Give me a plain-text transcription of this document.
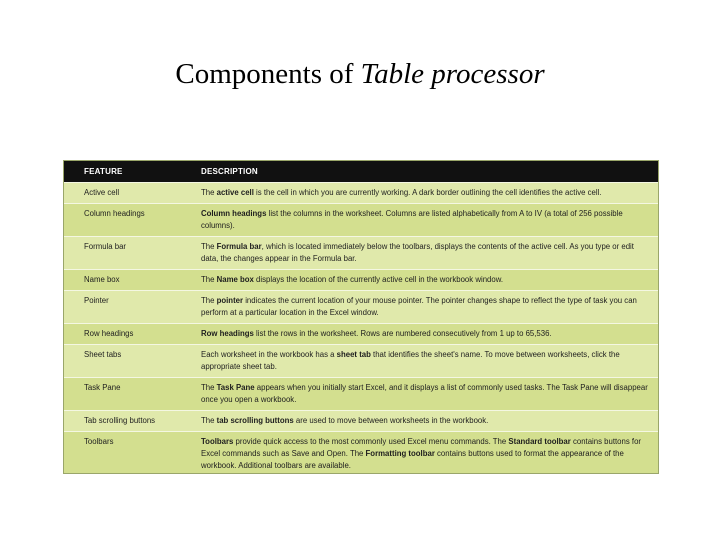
Components of Table processor
FEATURE	DESCRIPTION
Active cell	The active cell is the cell in which you are currently working. A dark border outlining the cell identifies the active cell.
Column headings	Column headings list the columns in the worksheet. Columns are listed alphabetically from A to IV (a total of 256 possible columns).
Formula bar	The Formula bar, which is located immediately below the toolbars, displays the contents of the active cell. As you type or edit data, the changes appear in the Formula bar.
Name box	The Name box displays the location of the currently active cell in the workbook window.
Pointer	The pointer indicates the current location of your mouse pointer. The pointer changes shape to reflect the type of task you can perform at a particular location in the Excel window.
Row headings	Row headings list the rows in the worksheet. Rows are numbered consecutively from 1 up to 65,536.
Sheet tabs	Each worksheet in the workbook has a sheet tab that identifies the sheet's name. To move between worksheets, click the appropriate sheet tab.
Task Pane	The Task Pane appears when you initially start Excel, and it displays a list of commonly used tasks. The Task Pane will disappear once you open a workbook.
Tab scrolling buttons	The tab scrolling buttons are used to move between worksheets in the workbook.
Toolbars	Toolbars provide quick access to the most commonly used Excel menu commands. The Standard toolbar contains buttons for Excel commands such as Save and Open. The Formatting toolbar contains buttons used to format the appearance of the workbook. Additional toolbars are available.
